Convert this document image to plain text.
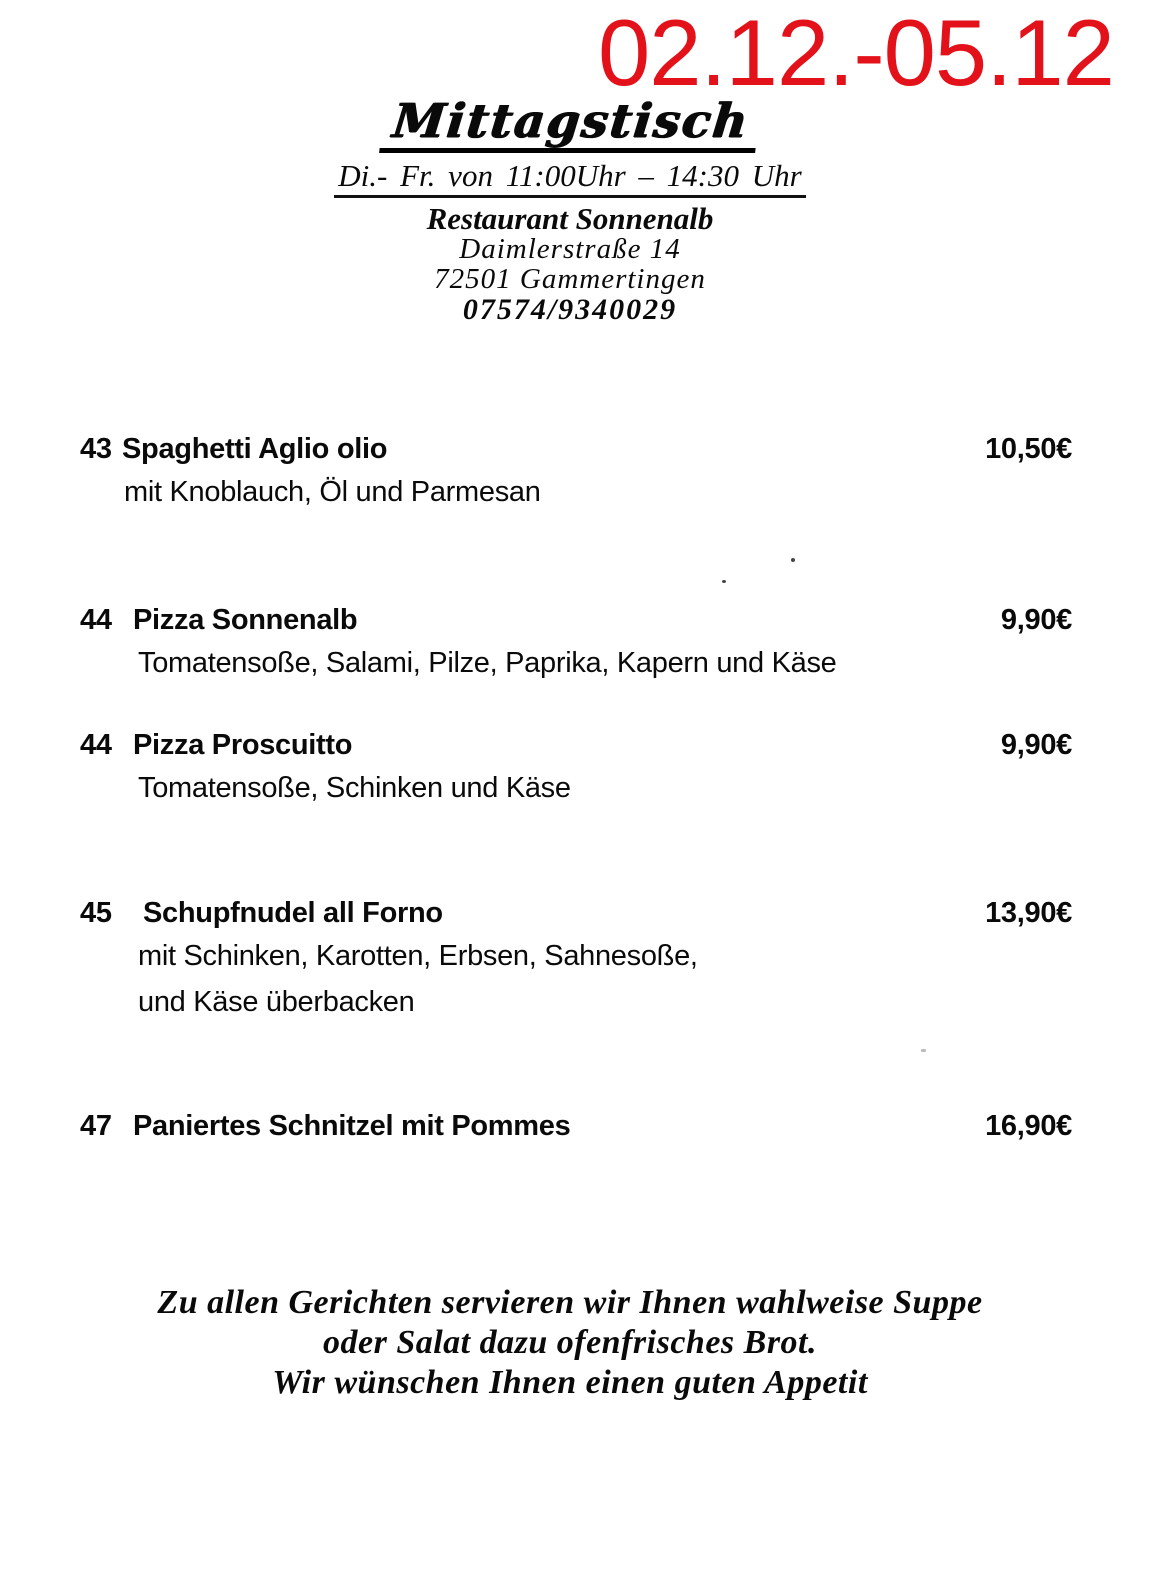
02.12.-05.12
Mittagstisch
Di.- Fr. von 11:00Uhr – 14:30 Uhr
Restaurant Sonnenalb
Daimlerstraße 14
72501 Gammertingen
07574/9340029
43 Spaghetti Aglio olio	10,50€
mit Knoblauch, Öl und Parmesan
44 Pizza Sonnenalb	9,90€
Tomatensoße, Salami, Pilze, Paprika, Kapern und Käse
44 Pizza Proscuitto	9,90€
Tomatensoße, Schinken und Käse
45	Schupfnudel all Forno	13,90€
mit Schinken, Karotten, Erbsen, Sahnesoße,
und Käse überbacken
47 Paniertes Schnitzel mit Pommes	16,90€
Zu allen Gerichten servieren wir Ihnen wahlweise Suppe
oder Salat dazu ofenfrisches Brot.
Wir wünschen Ihnen einen guten Appetit
